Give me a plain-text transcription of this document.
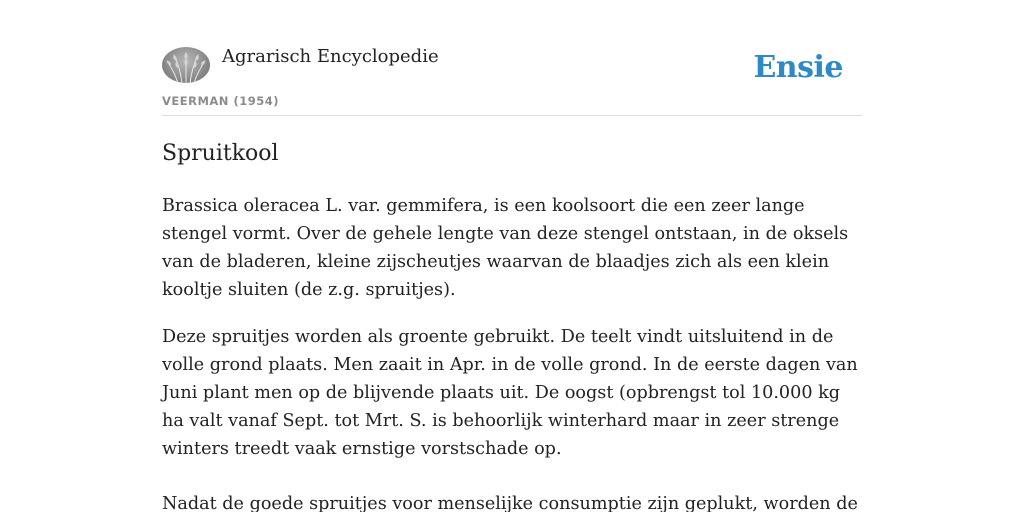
Agrarisch Encyclopedie
VEERMAN (1954)
Ensie
Spruitkool

Brassica oleracea L. var. gemmifera, is een koolsoort die een zeer lange stengel vormt. Over de gehele lengte van deze stengel ontstaan, in de oksels van de bladeren, kleine zijscheutjes waarvan de blaadjes zich als een klein kooltje sluiten (de z.g. spruitjes).

Deze spruitjes worden als groente gebruikt. De teelt vindt uitsluitend in de volle grond plaats. Men zaait in Apr. in de volle grond. In de eerste dagen van Juni plant men op de blijvende plaats uit. De oogst (opbrengst tol 10.000 kg ha valt vanaf Sept. tot Mrt. S. is behoorlijk winterhard maar in zeer strenge winters treedt vaak ernstige vorstschade op.

Nadat de goede spruitjes voor menselijke consumptie zijn geplukt, worden de
